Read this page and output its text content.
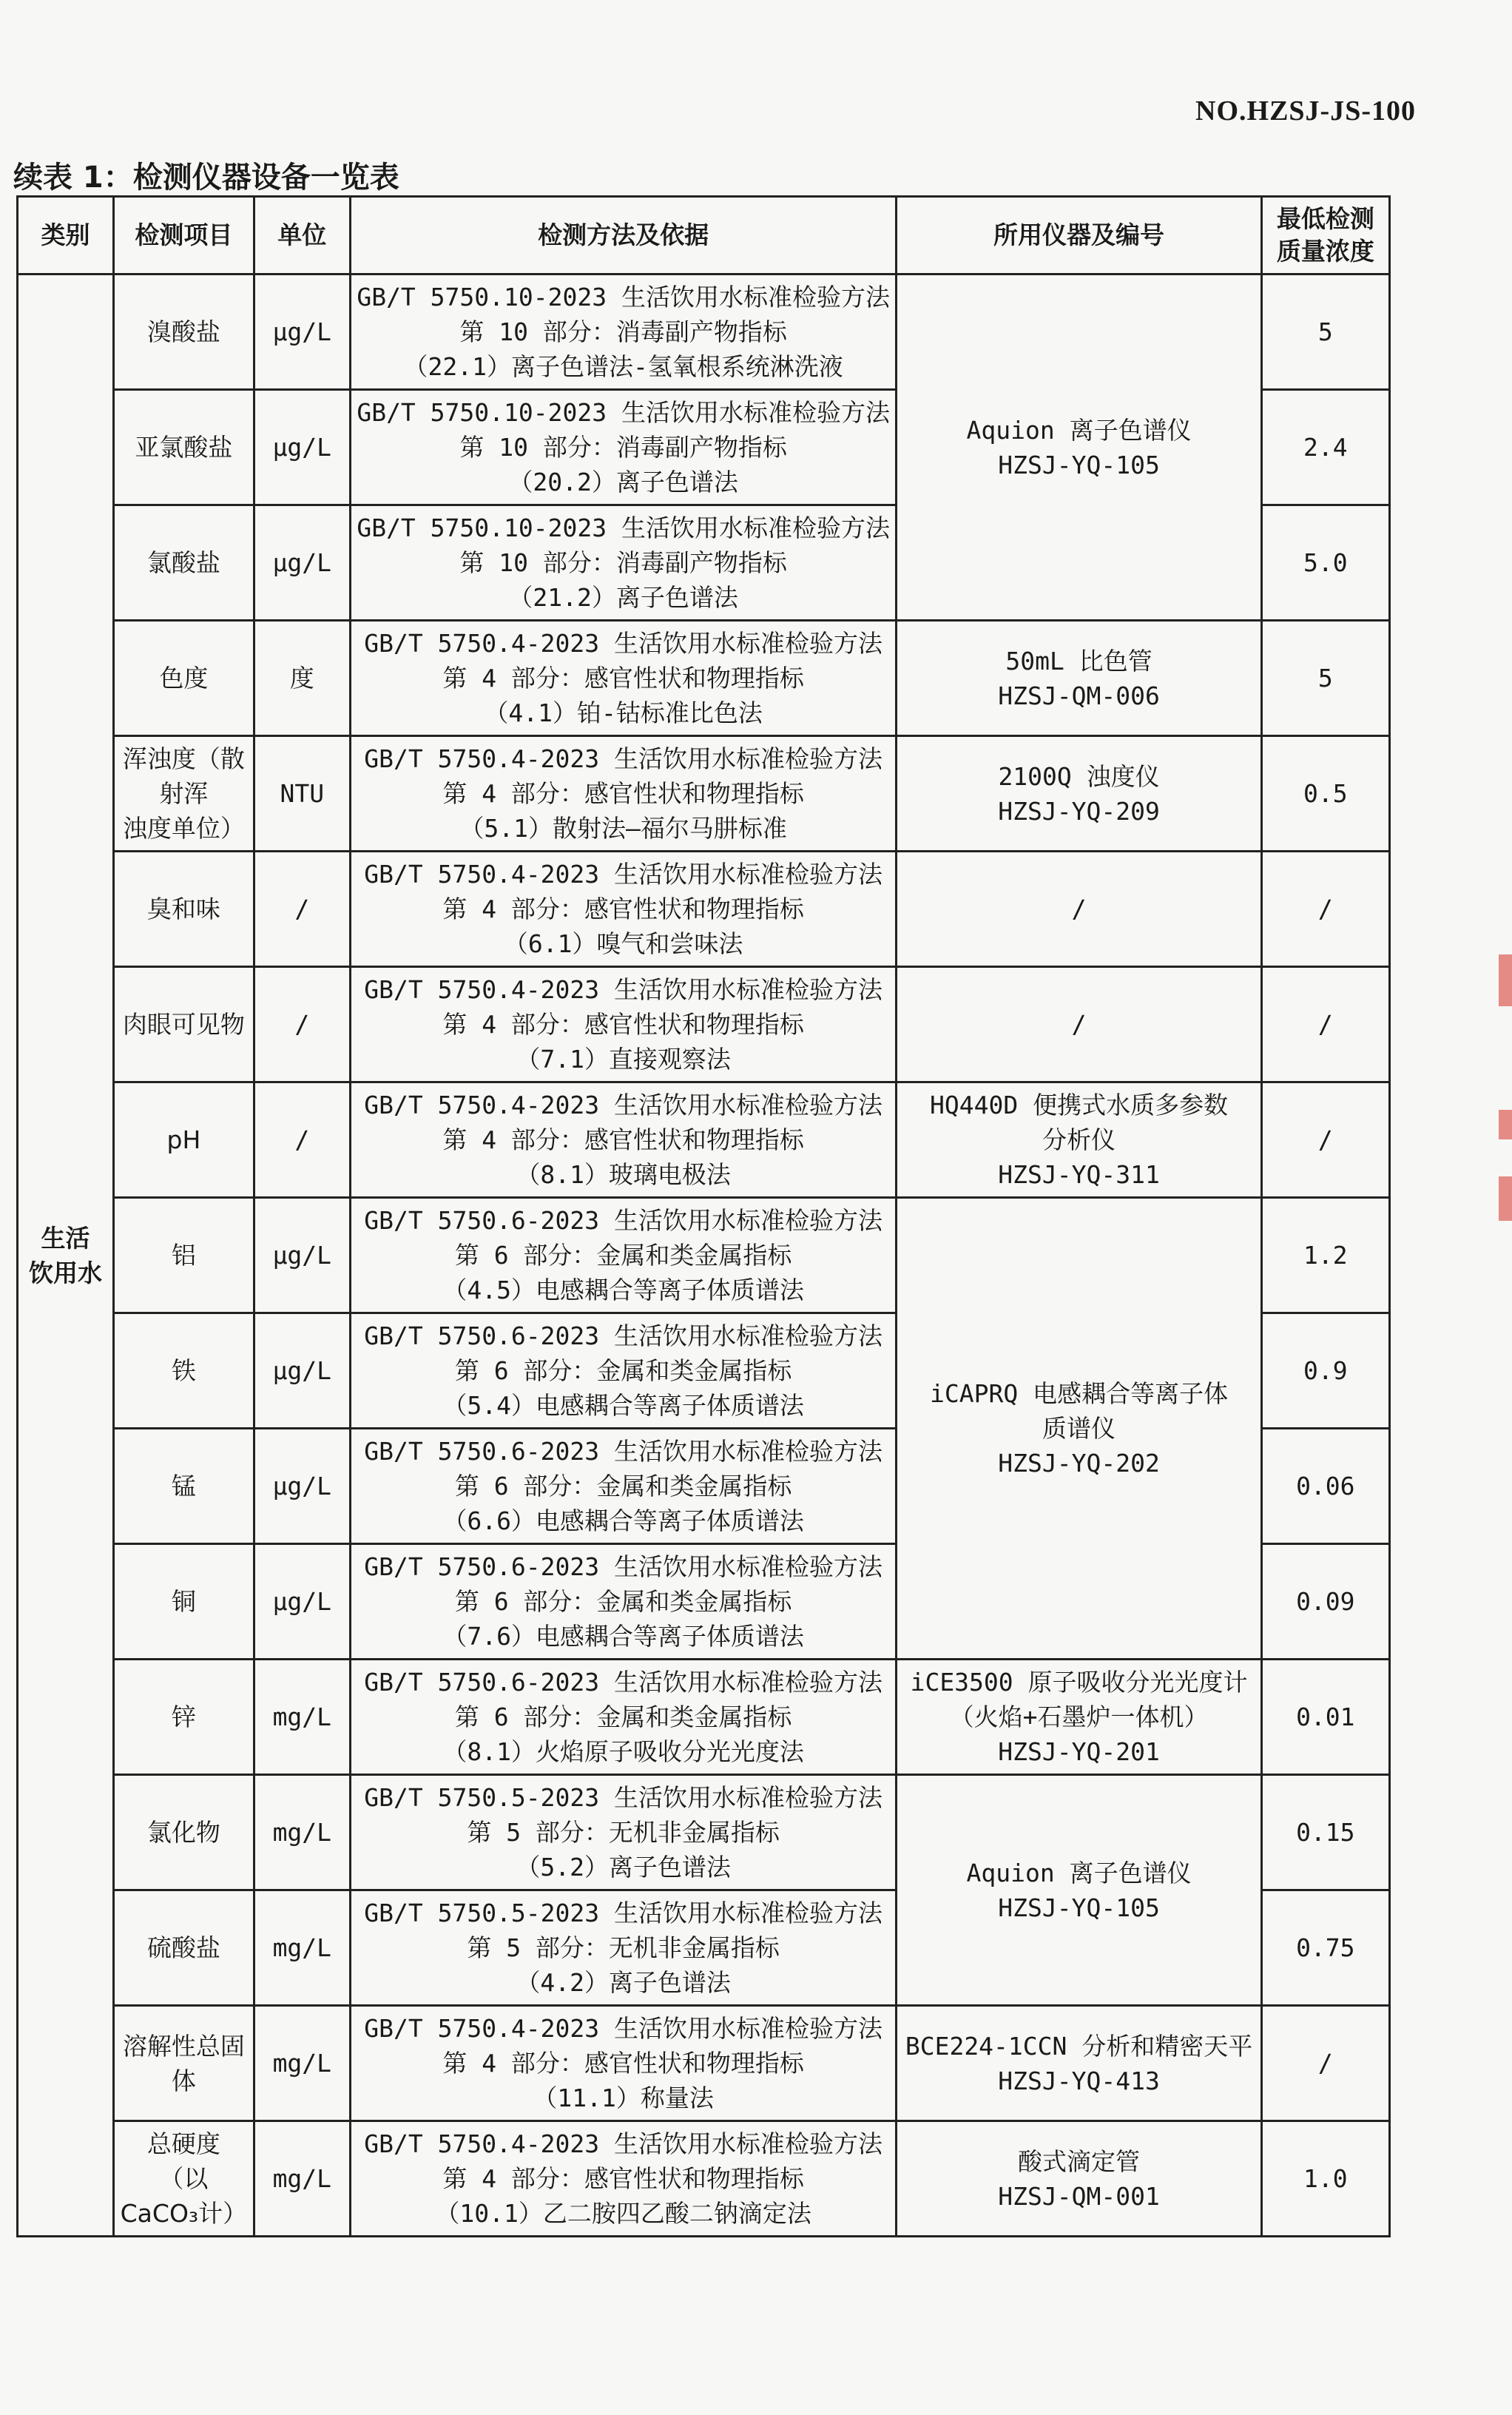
NO.HZSJ-JS-100
续表 1：检测仪器设备一览表
类别	检测项目	单位	检测方法及依据	所用仪器及编号	最低检测
质量浓度
生活
饮用水	溴酸盐	μg/L	GB/T 5750.10-2023 生活饮用水标准检验方法
第 10 部分：消毒副产物指标
（22.1）离子色谱法-氢氧根系统淋洗液	Aquion 离子色谱仪
HZSJ-YQ-105	5
	亚氯酸盐	μg/L	GB/T 5750.10-2023 生活饮用水标准检验方法
第 10 部分：消毒副产物指标
（20.2）离子色谱法		2.4
	氯酸盐	μg/L	GB/T 5750.10-2023 生活饮用水标准检验方法
第 10 部分：消毒副产物指标
（21.2）离子色谱法		5.0
	色度	度	GB/T 5750.4-2023 生活饮用水标准检验方法
第 4 部分：感官性状和物理指标
（4.1）铂-钴标准比色法	50mL 比色管
HZSJ-QM-006	5
	浑浊度（散射浑
浊度单位）	NTU	GB/T 5750.4-2023 生活饮用水标准检验方法
第 4 部分：感官性状和物理指标
（5.1）散射法—福尔马肼标准	2100Q 浊度仪
HZSJ-YQ-209	0.5
	臭和味	/	GB/T 5750.4-2023 生活饮用水标准检验方法
第 4 部分：感官性状和物理指标
（6.1）嗅气和尝味法	/	/
	肉眼可见物	/	GB/T 5750.4-2023 生活饮用水标准检验方法
第 4 部分：感官性状和物理指标
（7.1）直接观察法	/	/
	pH	/	GB/T 5750.4-2023 生活饮用水标准检验方法
第 4 部分：感官性状和物理指标
（8.1）玻璃电极法	HQ440D 便携式水质多参数
分析仪
HZSJ-YQ-311	/
	铝	μg/L	GB/T 5750.6-2023 生活饮用水标准检验方法
第 6 部分：金属和类金属指标
（4.5）电感耦合等离子体质谱法	iCAPRQ 电感耦合等离子体
质谱仪
HZSJ-YQ-202	1.2
	铁	μg/L	GB/T 5750.6-2023 生活饮用水标准检验方法
第 6 部分：金属和类金属指标
（5.4）电感耦合等离子体质谱法		0.9
	锰	μg/L	GB/T 5750.6-2023 生活饮用水标准检验方法
第 6 部分：金属和类金属指标
（6.6）电感耦合等离子体质谱法		0.06
	铜	μg/L	GB/T 5750.6-2023 生活饮用水标准检验方法
第 6 部分：金属和类金属指标
（7.6）电感耦合等离子体质谱法		0.09
	锌	mg/L	GB/T 5750.6-2023 生活饮用水标准检验方法
第 6 部分：金属和类金属指标
（8.1）火焰原子吸收分光光度法	iCE3500 原子吸收分光光度计
（火焰+石墨炉一体机）
HZSJ-YQ-201	0.01
	氯化物	mg/L	GB/T 5750.5-2023 生活饮用水标准检验方法
第 5 部分：无机非金属指标
（5.2）离子色谱法	Aquion 离子色谱仪
HZSJ-YQ-105	0.15
	硫酸盐	mg/L	GB/T 5750.5-2023 生活饮用水标准检验方法
第 5 部分：无机非金属指标
（4.2）离子色谱法		0.75
	溶解性总固体	mg/L	GB/T 5750.4-2023 生活饮用水标准检验方法
第 4 部分：感官性状和物理指标
（11.1）称量法	BCE224-1CCN 分析和精密天平
HZSJ-YQ-413	/
	总硬度
（以 CaCO₃计）	mg/L	GB/T 5750.4-2023 生活饮用水标准检验方法
第 4 部分：感官性状和物理指标
（10.1）乙二胺四乙酸二钠滴定法	酸式滴定管
HZSJ-QM-001	1.0
